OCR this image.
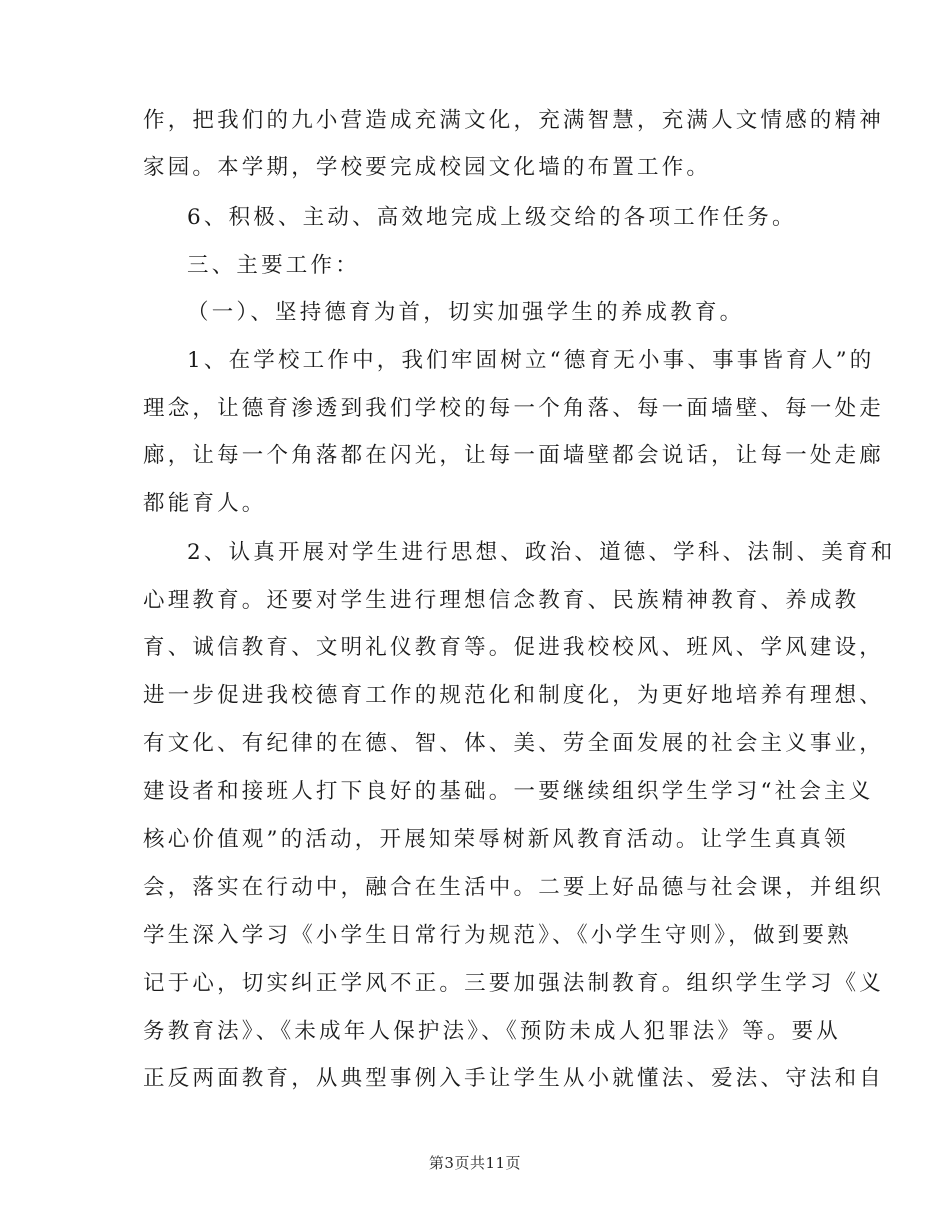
作，把我们的九小营造成充满文化，充满智慧，充满人文情感的精神
家园。本学期，学校要完成校园文化墙的布置工作。
6、积极、主动、高效地完成上级交给的各项工作任务。
三、主要工作：
（一）、坚持德育为首，切实加强学生的养成教育。
1、在学校工作中，我们牢固树立“德育无小事、事事皆育人”的
理念，让德育渗透到我们学校的每一个角落、每一面墙壁、每一处走
廊，让每一个角落都在闪光，让每一面墙壁都会说话，让每一处走廊
都能育人。
2、认真开展对学生进行思想、政治、道德、学科、法制、美育和
心理教育。还要对学生进行理想信念教育、民族精神教育、养成教
育、诚信教育、文明礼仪教育等。促进我校校风、班风、学风建设，
进一步促进我校德育工作的规范化和制度化，为更好地培养有理想、
有文化、有纪律的在德、智、体、美、劳全面发展的社会主义事业，
建设者和接班人打下良好的基础。一要继续组织学生学习“社会主义
核心价值观”的活动，开展知荣辱树新风教育活动。让学生真真领
会，落实在行动中，融合在生活中。二要上好品德与社会课，并组织
学生深入学习《小学生日常行为规范》、《小学生守则》，做到要熟
记于心，切实纠正学风不正。三要加强法制教育。组织学生学习《义
务教育法》、《未成年人保护法》、《预防未成人犯罪法》等。要从
正反两面教育，从典型事例入手让学生从小就懂法、爱法、守法和自
第3页共11页
